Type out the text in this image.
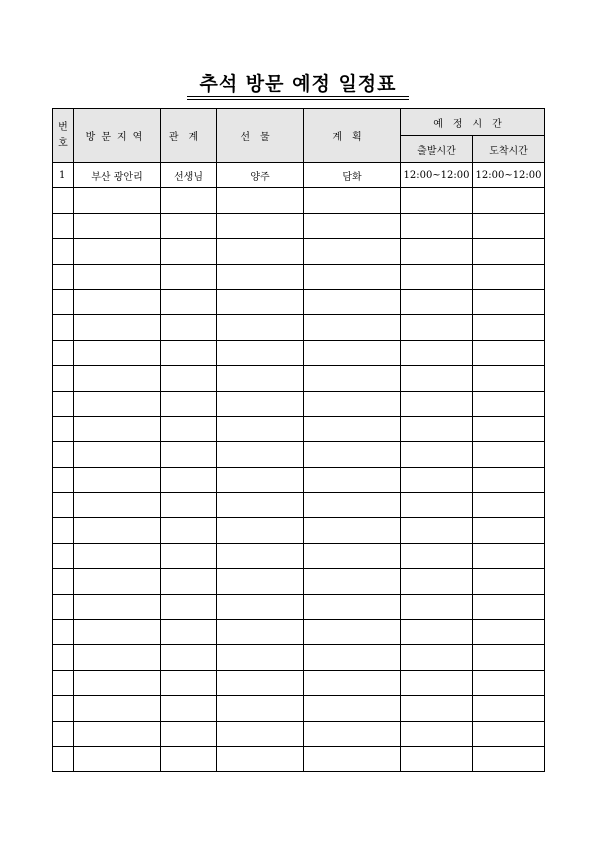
추석 방문 예정 일정표
번
호	방문지역	관계	선물	계획	예정시간	
					출발시간	도착시간
1	부산 광안리	선생님	양주	담화	12:00~12:00	12:00~12:00
